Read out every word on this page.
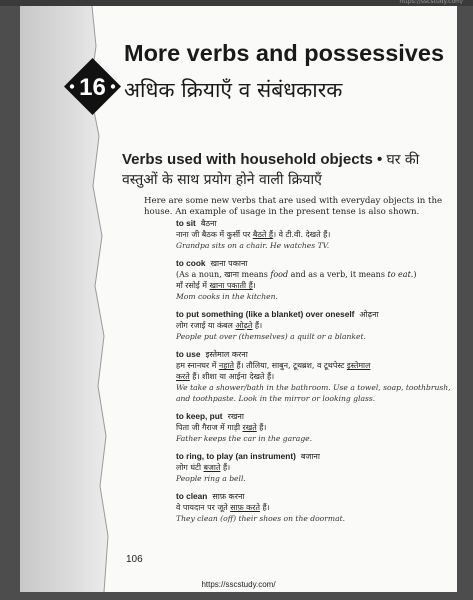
https://sscstudy.com/
16
More verbs and possessives
अधिक क्रियाएँ व संबंधकारक
Verbs used with household objects • घर की वस्तुओं के साथ प्रयोग होने वाली क्रियाएँ
Here are some new verbs that are used with everyday objects in the house. An example of usage in the present tense is also shown.
to sit बैठना
नाना जी बैठक में कुर्सी पर बैठते हैं। वे टी.वी. देखते हैं।
Grandpa sits on a chair. He watches TV.
to cook खाना पकाना
(As a noun, खाना means food and as a verb, it means to eat.)
माँ रसोई में खाना पकाती हैं।
Mom cooks in the kitchen.
to put something (like a blanket) over oneself ओढ़ना
लोग रजाई या कंबल ओढ़ते हैं।
People put over (themselves) a quilt or a blanket.
to use इस्तेमाल करना
हम स्नानघर में नहाते हैं। तौलिया, साबुन, टूथब्रश, व टूथपेस्ट इस्तेमाल
करते हैं। शीशा या आईना देखते हैं।
We take a shower/bath in the bathroom. Use a towel, soap, toothbrush, and toothpaste. Look in the mirror or looking glass.
to keep, put रखना
पिता जी गैराज में गाड़ी रखते हैं।
Father keeps the car in the garage.
to ring, to play (an instrument) बजाना
लोग घंटी बजाते हैं।
People ring a bell.
to clean साफ़ करना
वे पायदान पर जूते साफ़ करते हैं।
They clean (off) their shoes on the doormat.
106
https://sscstudy.com/
